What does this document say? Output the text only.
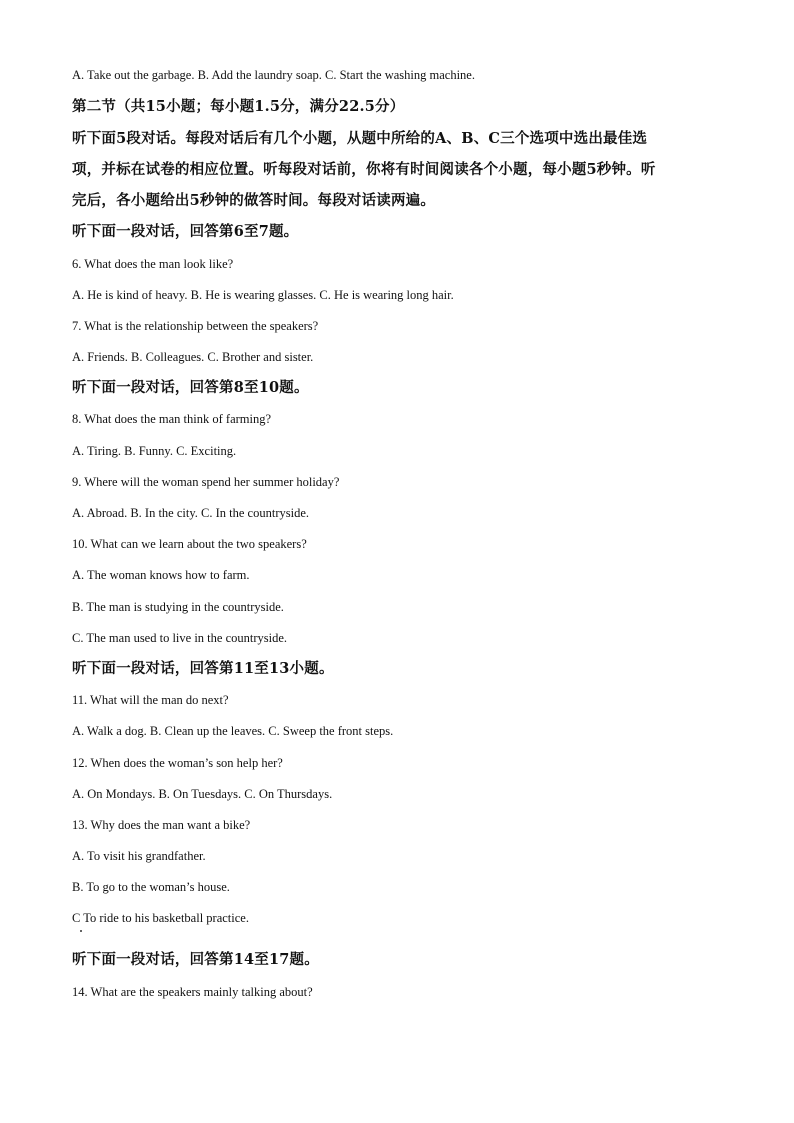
A. Take out the garbage. B. Add the laundry soap. C. Start the washing machine.
第二节（共15小题；每小题1.5分，满分22.5分）
听下面5段对话。每段对话后有几个小题，从题中所给的A、B、C三个选项中选出最佳选
项，并标在试卷的相应位置。听每段对话前，你将有时间阅读各个小题，每小题5秒钟。听
完后，各小题给出5秒钟的做答时间。每段对话读两遍。
听下面一段对话，回答第6至7题。
6. What does the man look like?
A. He is kind of heavy. B. He is wearing glasses. C. He is wearing long hair.
7. What is the relationship between the speakers?
A. Friends. B. Colleagues. C. Brother and sister.
听下面一段对话，回答第8至10题。
8. What does the man think of farming?
A. Tiring. B. Funny. C. Exciting.
9. Where will the woman spend her summer holiday?
A. Abroad. B. In the city. C. In the countryside.
10. What can we learn about the two speakers?
A. The woman knows how to farm.
B. The man is studying in the countryside.
C. The man used to live in the countryside.
听下面一段对话，回答第11至13小题。
11. What will the man do next?
A. Walk a dog. B. Clean up the leaves. C. Sweep the front steps.
12. When does the woman’s son help her?
A. On Mondays. B. On Tuesdays. C. On Thursdays.
13. Why does the man want a bike?
A. To visit his grandfather.
B. To go to the woman’s house.
C To ride to his basketball practice.
听下面一段对话，回答第14至17题。
14. What are the speakers mainly talking about?
